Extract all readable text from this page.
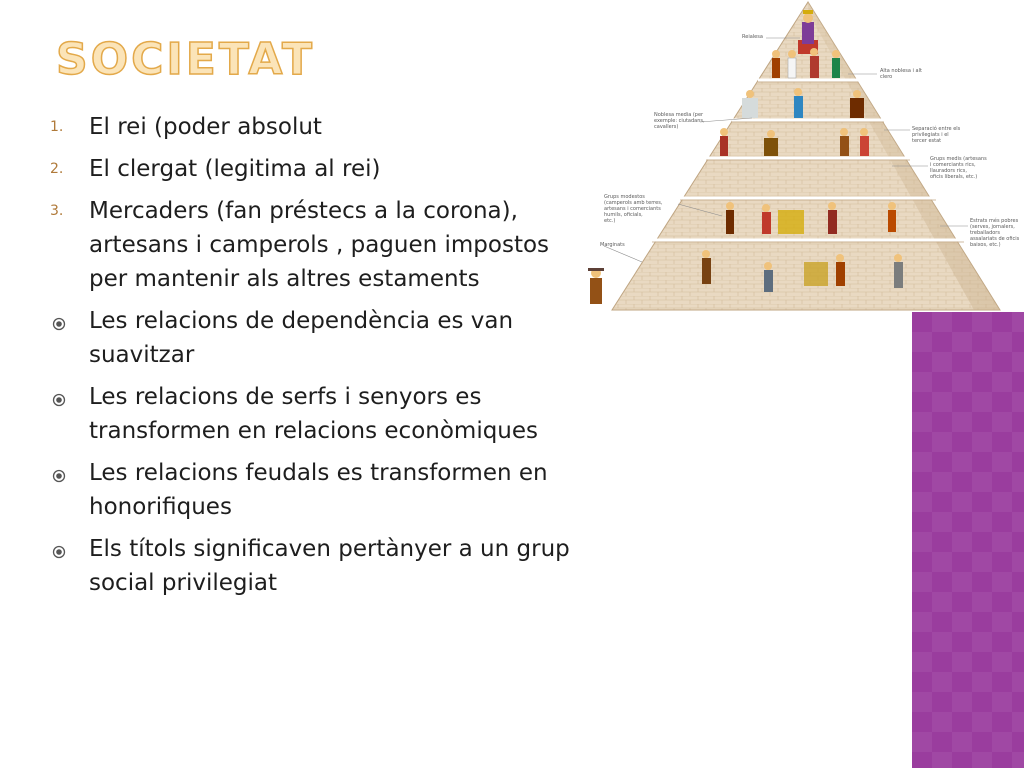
SOCIETAT
1. El rei (poder absolut
2. El clergat (legitima al rei)
3. Mercaders (fan préstecs a la corona), artesans i camperols , paguen impostos per mantenir als altres estaments
Les relacions de dependència es van suavitzar
Les relacions de serfs i senyors es transformen en relacions econòmiques
Les relacions feudals es transformen en honorifiques
Els títols significaven pertànyer a un grup social privilegiat
Reialesa
Alta noblesa i alt clero
Noblesa media (per exemple: ciutadans, cavallers)	Separació entre els privilegiats i el tercer estat
Grups medis (artesans i comerciants rics, llauradors rics, oficis liberals, etc.)
Grups modestos (camperols amb terres, artesans i comerciants humils, oficials, etc.)
Marginats
Estrats més pobres (serves, jornalers, treballadors assalariats de oficis baixos, etc.)
